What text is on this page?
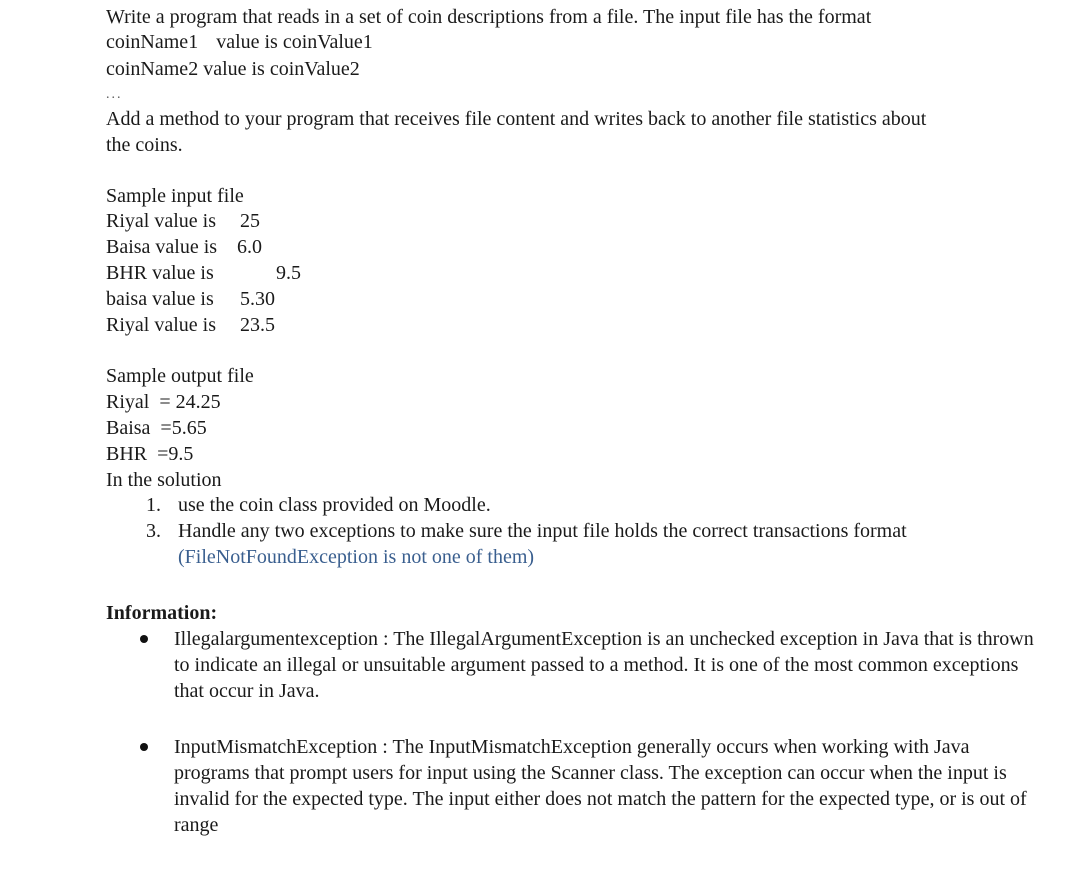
Write a program that reads in a set of coin descriptions from a file. The input file has the format
coinName1 value is coinValue1
coinName2 value is coinValue2
...
Add a method to your program that receives file content and writes back to another file statistics about
the coins.
Sample input file
Riyal value is 25
Baisa value is 6.0
BHR value is	9.5
baisa value is 5.30
Riyal value is 23.5
Sample output file
Riyal  = 24.25
Baisa  =5.65
BHR  =9.5
In the solution
1. use the coin class provided on Moodle.
3. Handle any two exceptions to make sure the input file holds the correct transactions format
(FileNotFoundException is not one of them)
Information:
Illegalargumentexception : The IllegalArgumentException is an unchecked exception in Java that is thrown to indicate an illegal or unsuitable argument passed to a method. It is one of the most common exceptions that occur in Java.
InputMismatchException : The InputMismatchException generally occurs when working with Java programs that prompt users for input using the Scanner class. The exception can occur when the input is invalid for the expected type. The input either does not match the pattern for the expected type, or is out of range
